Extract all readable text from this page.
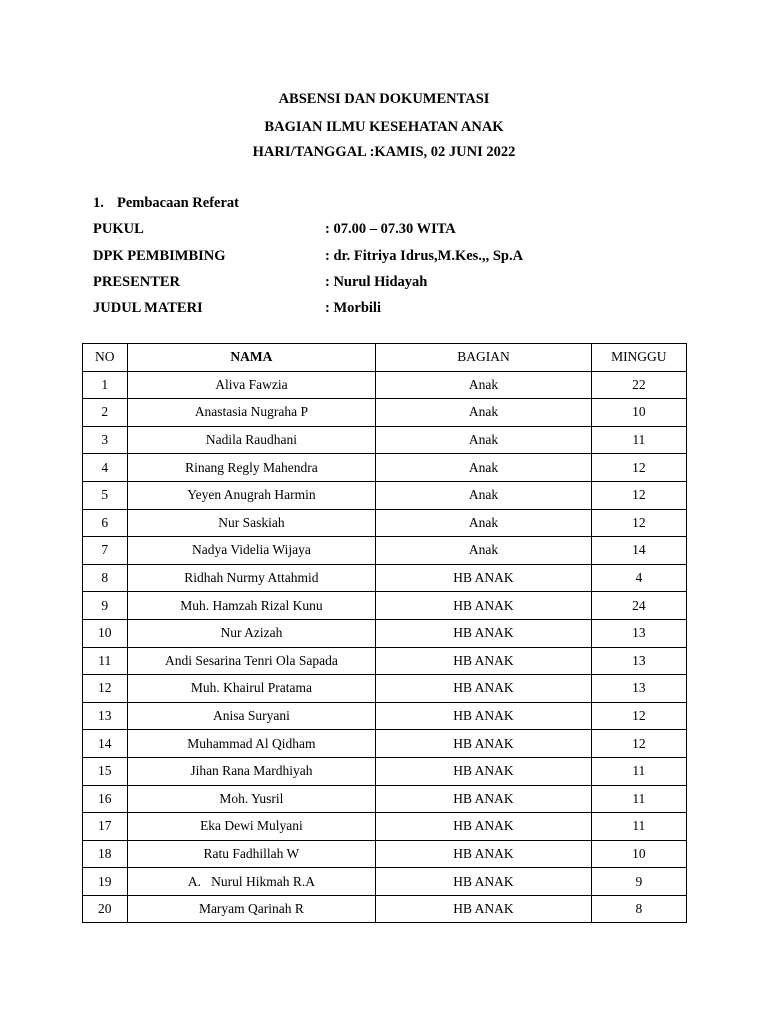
ABSENSI DAN DOKUMENTASI
BAGIAN ILMU KESEHATAN ANAK
HARI/TANGGAL :KAMIS, 02 JUNI 2022
1. Pembacaan Referat
PUKUL	: 07.00 – 07.30 WITA
DPK PEMBIMBING	: dr. Fitriya Idrus,M.Kes.,, Sp.A
PRESENTER	: Nurul Hidayah
JUDUL MATERI	: Morbili
NO	NAMA	BAGIAN	MINGGU
1	Aliva Fawzia	Anak	22
2	Anastasia Nugraha P	Anak	10
3	Nadila Raudhani	Anak	11
4	Rinang Regly Mahendra	Anak	12
5	Yeyen Anugrah Harmin	Anak	12
6	Nur Saskiah	Anak	12
7	Nadya Videlia Wijaya	Anak	14
8	Ridhah Nurmy Attahmid	HB ANAK	4
9	Muh. Hamzah Rizal Kunu	HB ANAK	24
10	Nur Azizah	HB ANAK	13
11	Andi Sesarina Tenri Ola Sapada	HB ANAK	13
12	Muh. Khairul Pratama	HB ANAK	13
13	Anisa Suryani	HB ANAK	12
14	Muhammad Al Qidham	HB ANAK	12
15	Jihan Rana Mardhiyah	HB ANAK	11
16	Moh. Yusril	HB ANAK	11
17	Eka Dewi Mulyani	HB ANAK	11
18	Ratu Fadhillah W	HB ANAK	10
19	A.   Nurul Hikmah R.A	HB ANAK	9
20	Maryam Qarinah R	HB ANAK	8
